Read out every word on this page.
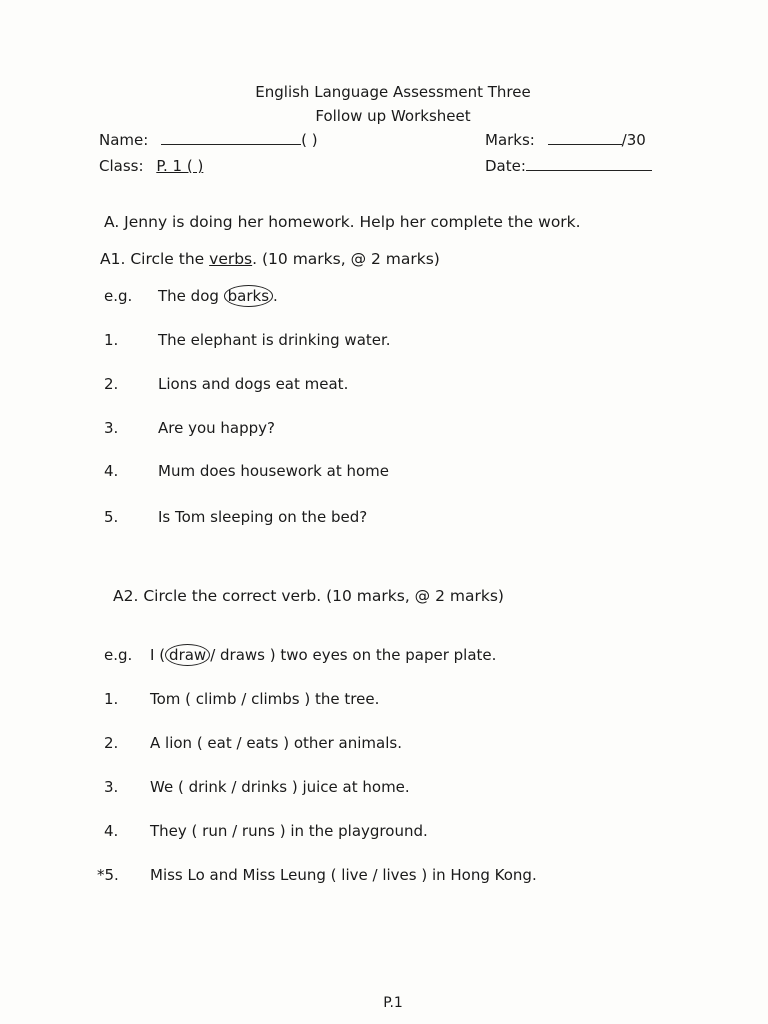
English Language Assessment Three
Follow up Worksheet
Name:	( )	Marks:	/30
Class: P. 1 ( )	Date:
A. Jenny is doing her homework. Help her complete the work.
A1. Circle the verbs. (10 marks, @ 2 marks)
e.g. The dog barks .
1.	The elephant is drinking water.
2.	Lions and dogs eat meat.
3.	Are you happy?
4.	Mum does housework at home
5.	Is Tom sleeping on the bed?
A2. Circle the correct verb. (10 marks, @ 2 marks)
e.g. I ( draw / draws ) two eyes on the paper plate.
1. Tom ( climb / climbs ) the tree.
2. A lion ( eat / eats ) other animals.
3. We ( drink / drinks ) juice at home.
4. They ( run / runs ) in the playground.
*5. Miss Lo and Miss Leung ( live / lives ) in Hong Kong.
P.1
